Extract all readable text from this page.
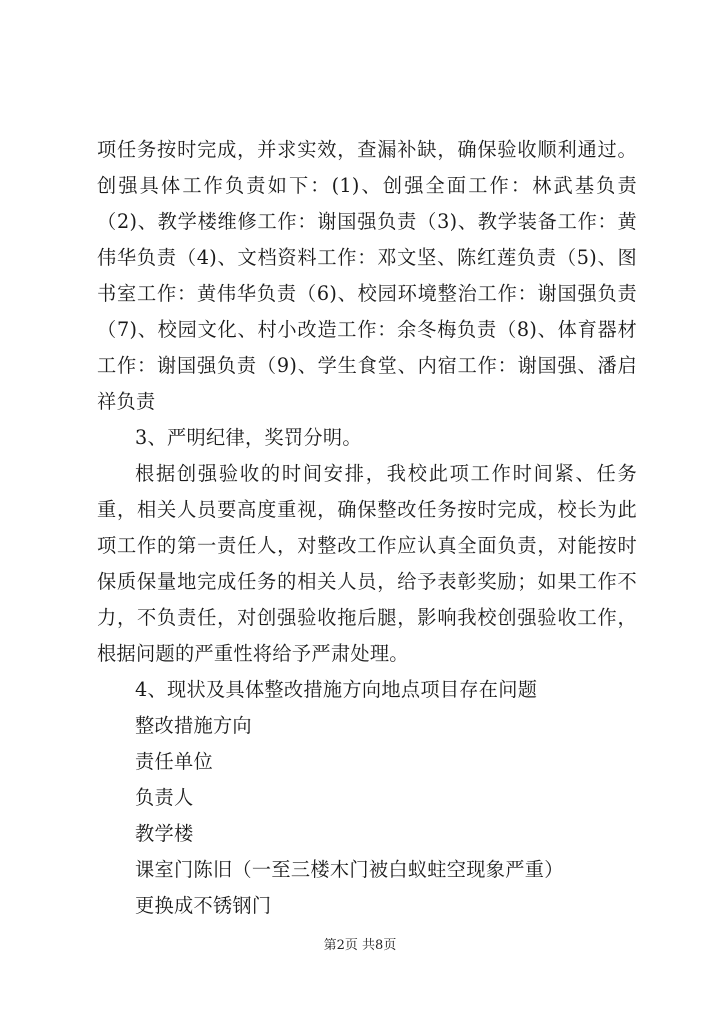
项任务按时完成，并求实效，查漏补缺，确保验收顺利通过。创强具体工作负责如下：(1)、创强全面工作：林武基负责（2)、教学楼维修工作：谢国强负责（3)、教学装备工作：黄伟华负责（4)、文档资料工作：邓文坚、陈红莲负责（5)、图书室工作：黄伟华负责（6)、校园环境整治工作：谢国强负责（7)、校园文化、村小改造工作：余冬梅负责（8)、体育器材工作：谢国强负责（9)、学生食堂、内宿工作：谢国强、潘启祥负责

3、严明纪律，奖罚分明。

根据创强验收的时间安排，我校此项工作时间紧、任务重，相关人员要高度重视，确保整改任务按时完成，校长为此项工作的第一责任人，对整改工作应认真全面负责，对能按时保质保量地完成任务的相关人员，给予表彰奖励；如果工作不力，不负责任，对创强验收拖后腿，影响我校创强验收工作，根据问题的严重性将给予严肃处理。

4、现状及具体整改措施方向地点项目存在问题

整改措施方向

责任单位

负责人

教学楼

课室门陈旧（一至三楼木门被白蚁蛀空现象严重）

更换成不锈钢门

第2页 共8页
